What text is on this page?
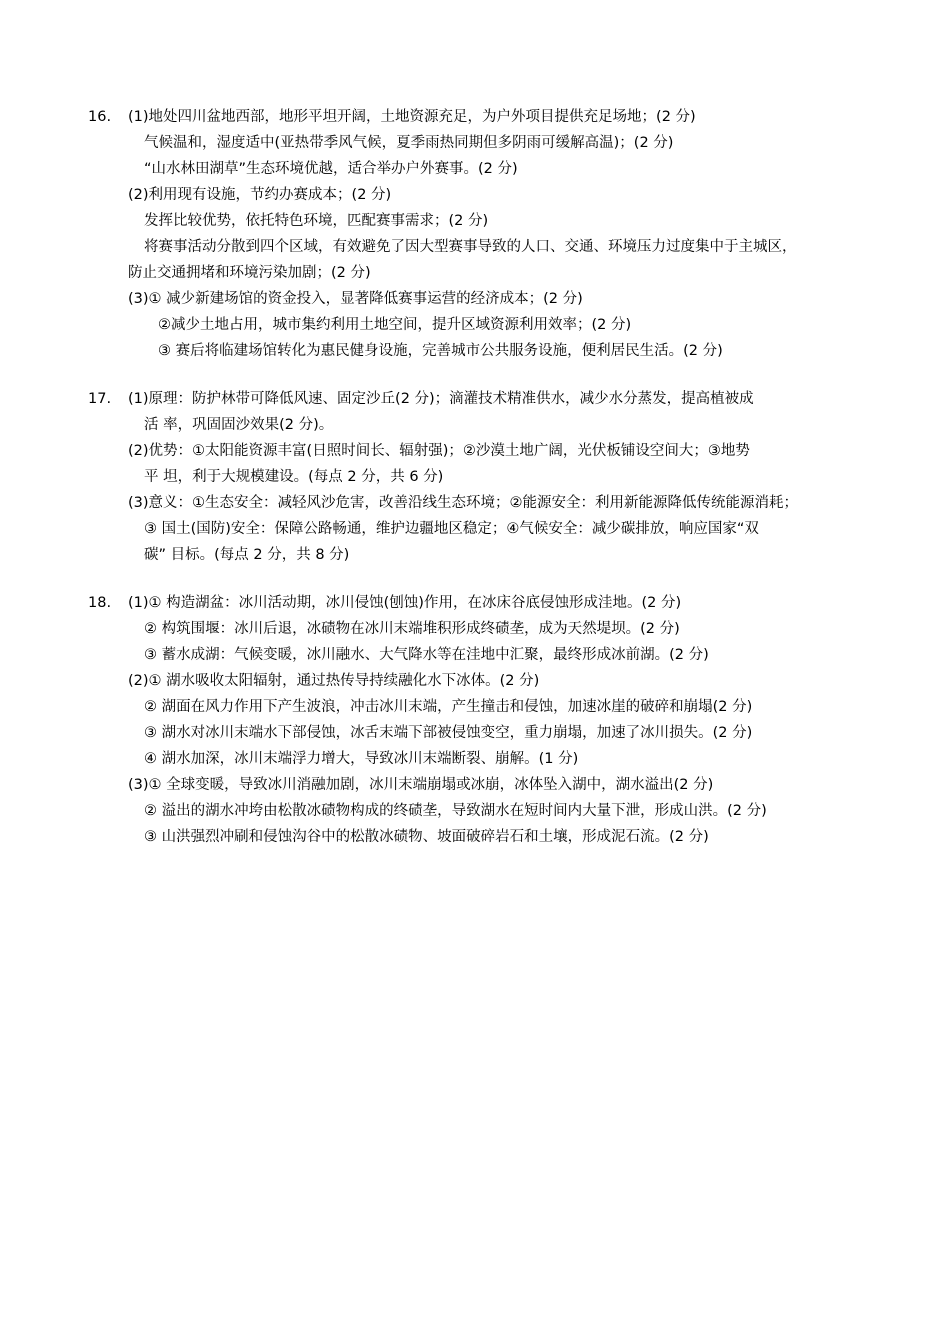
16.	(1)地处四川盆地西部，地形平坦开阔，土地资源充足，为户外项目提供充足场地；(2 分)
气候温和，湿度适中(亚热带季风气候，夏季雨热同期但多阴雨可缓解高温)；(2 分)
“山水林田湖草”生态环境优越，适合举办户外赛事。(2 分)
(2)利用现有设施，节约办赛成本；(2 分)
发挥比较优势，依托特色环境，匹配赛事需求；(2 分)
将赛事活动分散到四个区域，有效避免了因大型赛事导致的人口、交通、环境压力过度集中于主城区，
防止交通拥堵和环境污染加剧；(2 分)
(3)① 减少新建场馆的资金投入，显著降低赛事运营的经济成本；(2 分)
②减少土地占用，城市集约利用土地空间，提升区域资源利用效率；(2 分)
③ 赛后将临建场馆转化为惠民健身设施，完善城市公共服务设施，便利居民生活。(2 分)
17.	(1)原理：防护林带可降低风速、固定沙丘(2 分)；滴灌技术精准供水，减少水分蒸发，提高植被成
活 率，巩固固沙效果(2 分)。
(2)优势：①太阳能资源丰富(日照时间长、辐射强)；②沙漠土地广阔，光伏板铺设空间大；③地势
平 坦，利于大规模建设。(每点 2 分，共 6 分)
(3)意义：①生态安全：减轻风沙危害，改善沿线生态环境；②能源安全：利用新能源降低传统能源消耗；
③ 国土(国防)安全：保障公路畅通，维护边疆地区稳定；④气候安全：减少碳排放，响应国家“双
碳” 目标。(每点 2 分，共 8 分)
18.	(1)① 构造湖盆：冰川活动期，冰川侵蚀(刨蚀)作用，在冰床谷底侵蚀形成洼地。(2 分)
② 构筑围堰：冰川后退，冰碛物在冰川末端堆积形成终碛垄，成为天然堤坝。(2 分)
③ 蓄水成湖：气候变暖，冰川融水、大气降水等在洼地中汇聚，最终形成冰前湖。(2 分)
(2)① 湖水吸收太阳辐射，通过热传导持续融化水下冰体。(2 分)
② 湖面在风力作用下产生波浪，冲击冰川末端，产生撞击和侵蚀，加速冰崖的破碎和崩塌(2 分)
③ 湖水对冰川末端水下部侵蚀，冰舌末端下部被侵蚀变空，重力崩塌，加速了冰川损失。(2 分)
④ 湖水加深，冰川末端浮力增大，导致冰川末端断裂、崩解。(1 分)
(3)① 全球变暖，导致冰川消融加剧，冰川末端崩塌或冰崩，冰体坠入湖中，湖水溢出(2 分)
② 溢出的湖水冲垮由松散冰碛物构成的终碛垄，导致湖水在短时间内大量下泄，形成山洪。(2 分)
③ 山洪强烈冲刷和侵蚀沟谷中的松散冰碛物、坡面破碎岩石和土壤，形成泥石流。(2 分)
